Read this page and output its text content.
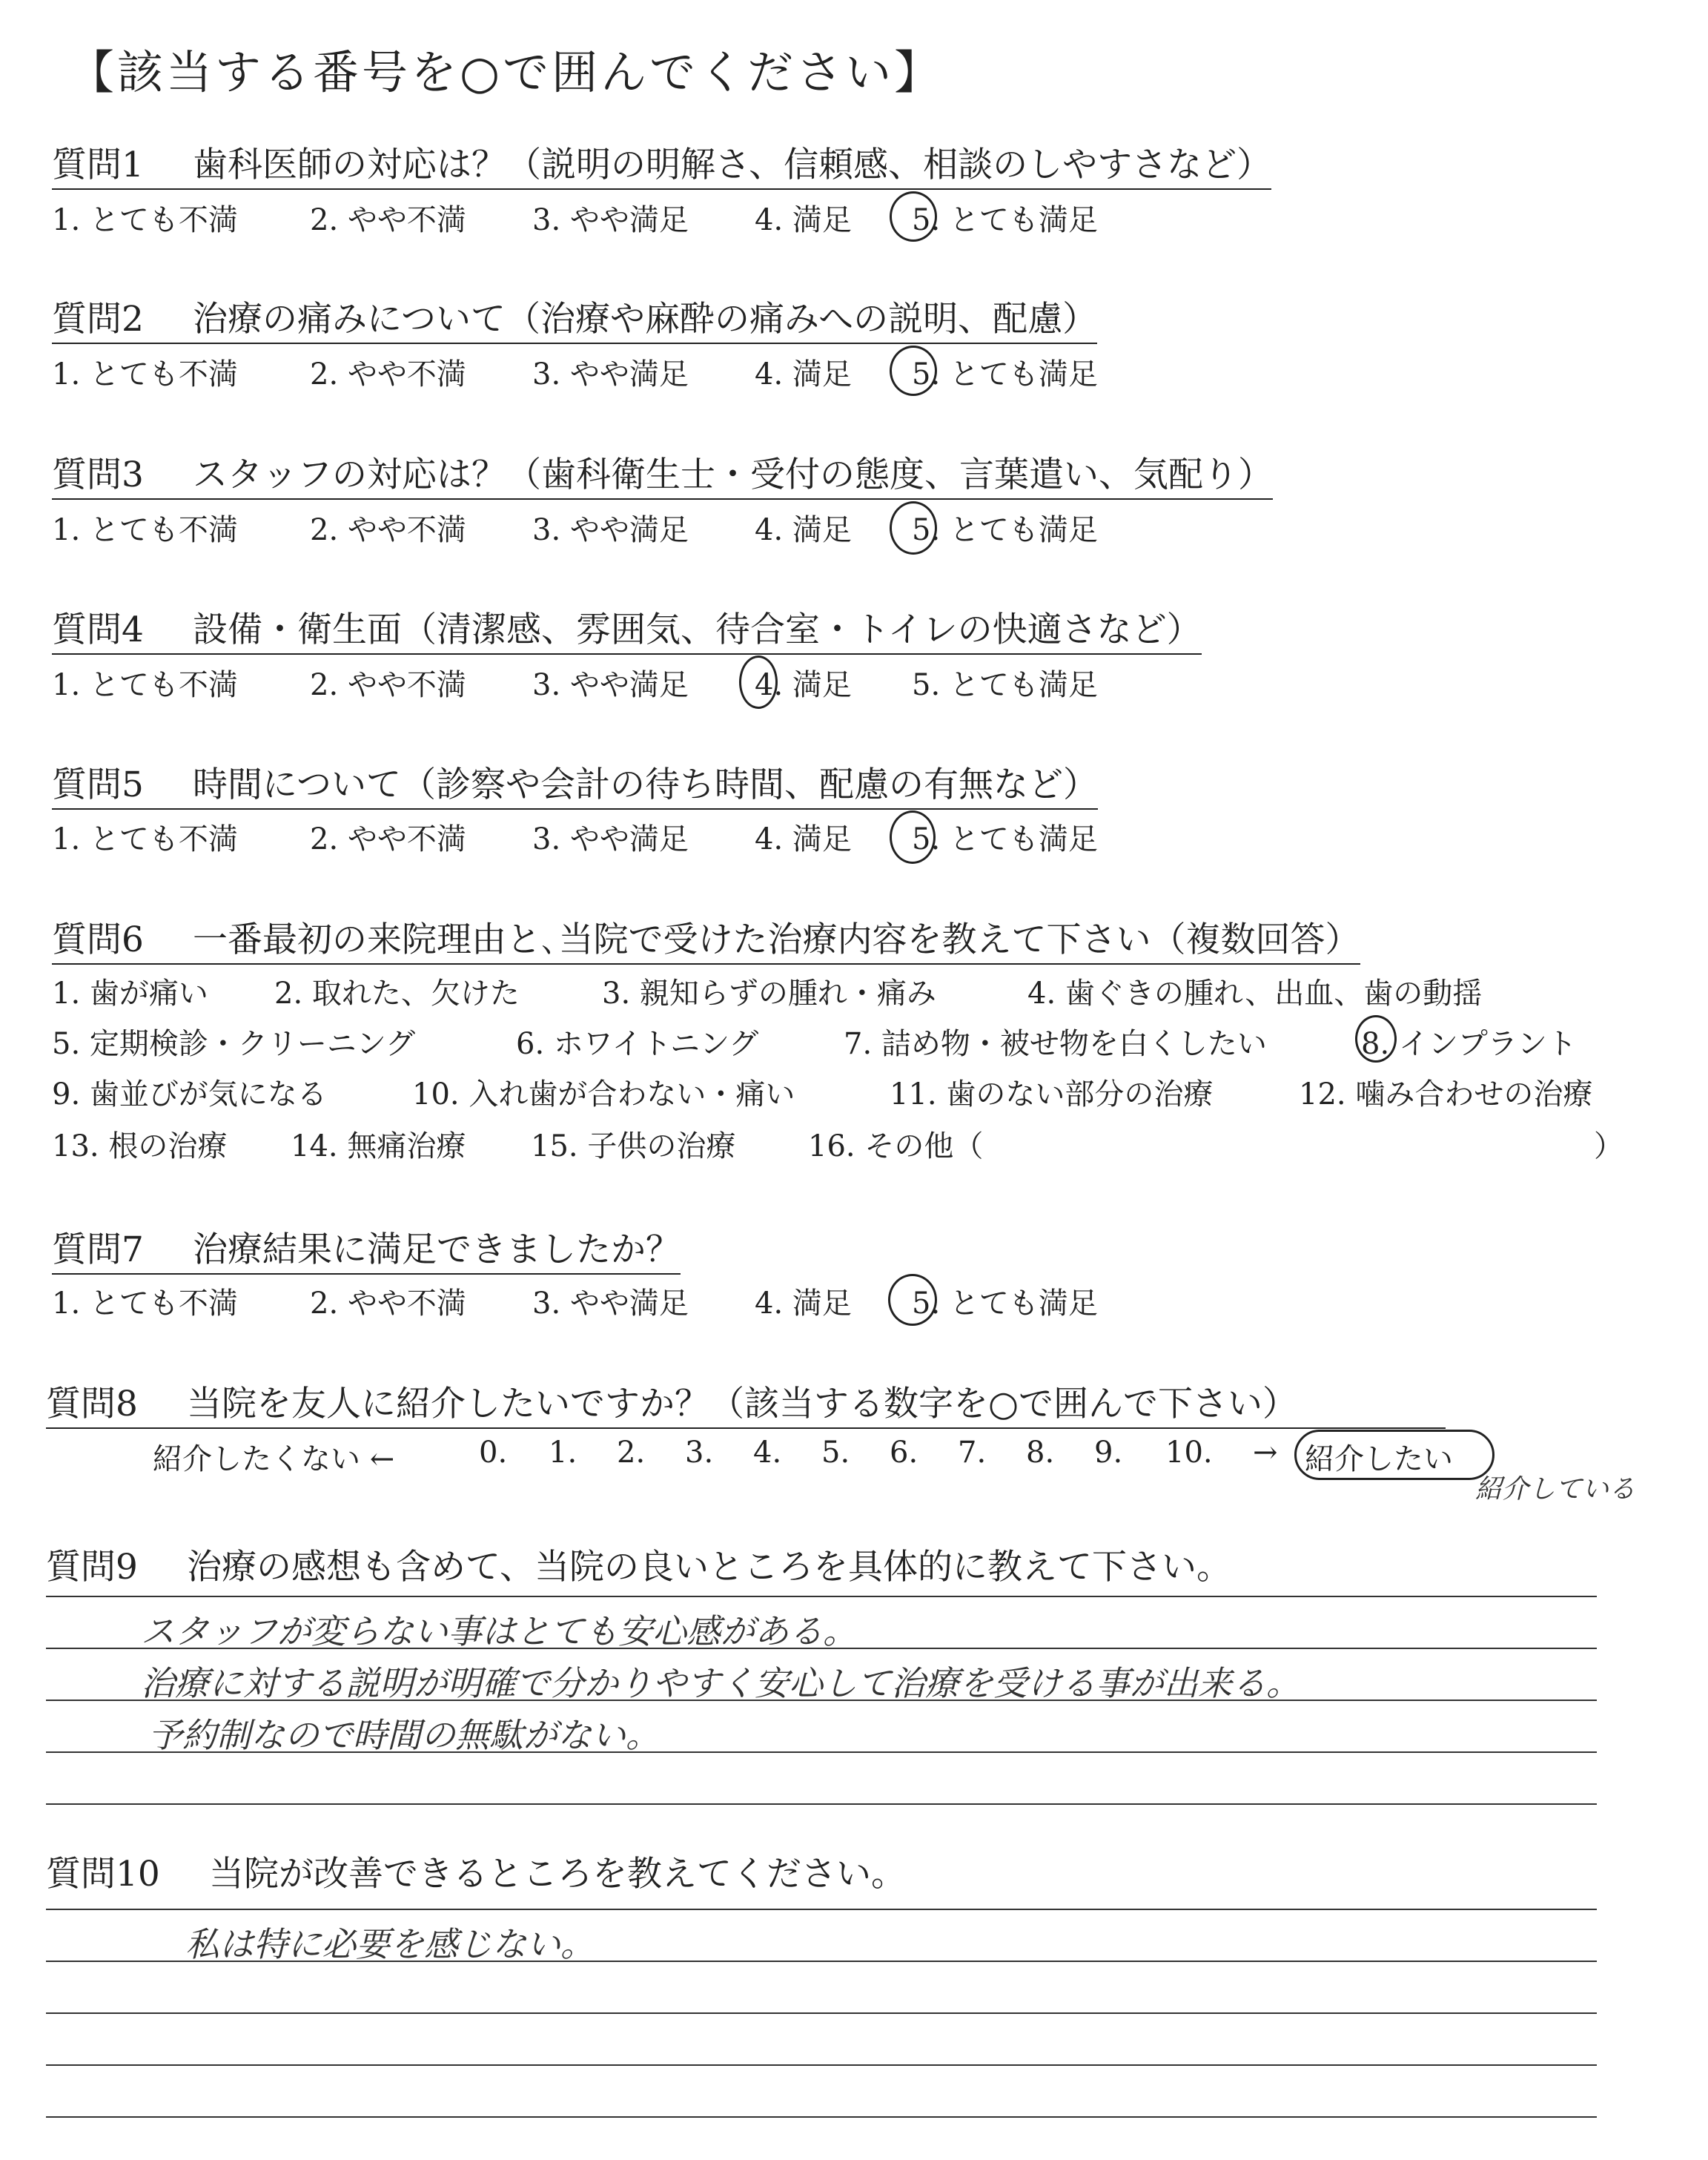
【該当する番号を○で囲んでください】
質問1 歯科医師の対応は？（説明の明解さ、信頼感、相談のしやすさなど）
1. とても不満 2. やや不満 3. やや満足 4. 満足 5. とても満足
質問2 治療の痛みについて（治療や麻酔の痛みへの説明、配慮）
1. とても不満 2. やや不満 3. やや満足 4. 満足 5. とても満足
質問3 スタッフの対応は？（歯科衛生士・受付の態度、言葉遣い、気配り）
1. とても不満 2. やや不満 3. やや満足 4. 満足 5. とても満足
質問4 設備・衛生面（清潔感、雰囲気、待合室・トイレの快適さなど）
1. とても不満 2. やや不満 3. やや満足 4. 満足 5. とても満足
質問5 時間について（診察や会計の待ち時間、配慮の有無など）
1. とても不満 2. やや不満 3. やや満足 4. 満足 5. とても満足
質問6 一番最初の来院理由と､当院で受けた治療内容を教えて下さい（複数回答）
1. 歯が痛い 2. 取れた、欠けた	3. 親知らずの腫れ・痛み	4. 歯ぐきの腫れ、出血、歯の動揺
5. 定期検診・クリーニング	6. ホワイトニング	7. 詰め物・被せ物を白くしたい	8. インプラント
9. 歯並びが気になる	10. 入れ歯が合わない・痛い	11. 歯のない部分の治療	12. 噛み合わせの治療
13. 根の治療 14. 無痛治療 15. 子供の治療 16. その他（	）
質問7 治療結果に満足できましたか？
1. とても不満 2. やや不満 3. やや満足 4. 満足 5. とても満足
質問8 当院を友人に紹介したいですか？（該当する数字を○で囲んで下さい）
紹介したくない ←	0. 1. 2. 3. 4. 5. 6. 7. 8. 9. 10. → 紹介したい
紹介している
質問9 治療の感想も含めて、当院の良いところを具体的に教えて下さい。
スタッフが変らない事はとても安心感がある。
治療に対する説明が明確で分かりやすく安心して治療を受ける事が出来る。
予約制なので時間の無駄がない。
質問10 当院が改善できるところを教えてください。
私は特に必要を感じない。
